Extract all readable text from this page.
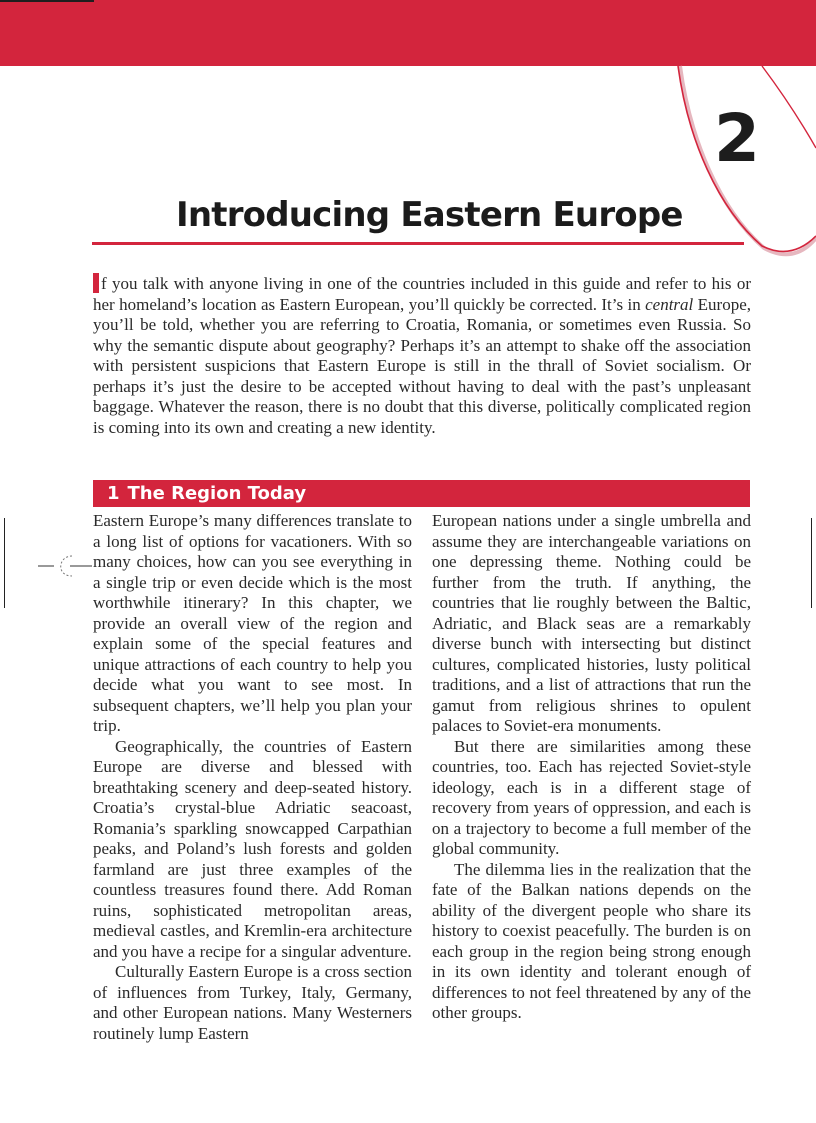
2
Introducing Eastern Europe

f you talk with anyone living in one of the countries included in this guide and refer to his or her homeland’s location as Eastern European, you’ll quickly be corrected. It’s in central Europe, you’ll be told, whether you are referring to Croatia, Romania, or sometimes even Russia. So why the semantic dispute about geography? Perhaps it’s an attempt to shake off the association with persistent suspicions that Eastern Europe is still in the thrall of Soviet socialism. Or perhaps it’s just the desire to be accepted without having to deal with the past’s unpleasant baggage. Whatever the reason, there is no doubt that this diverse, politically complicated region is coming into its own and creating a new identity.

1 The Region Today

Eastern Europe’s many differences translate to a long list of options for vacationers. With so many choices, how can you see everything in a single trip or even decide which is the most worthwhile itinerary? In this chapter, we provide an overall view of the region and explain some of the special features and unique attractions of each country to help you decide what you want to see most. In subsequent chapters, we’ll help you plan your trip.

Geographically, the countries of Eastern Europe are diverse and blessed with breathtaking scenery and deep-seated history. Croatia’s crystal-blue Adriatic seacoast, Romania’s sparkling snowcapped Carpathian peaks, and Poland’s lush forests and golden farmland are just three examples of the countless treasures found there. Add Roman ruins, sophisticated metropolitan areas, medieval castles, and Kremlin-era architecture and you have a recipe for a singular adventure.

Culturally Eastern Europe is a cross section of influences from Turkey, Italy, Germany, and other European nations. Many Westerners routinely lump Eastern

European nations under a single umbrella and assume they are interchangeable variations on one depressing theme. Nothing could be further from the truth. If anything, the countries that lie roughly between the Baltic, Adriatic, and Black seas are a remarkably diverse bunch with intersecting but distinct cultures, complicated histories, lusty political traditions, and a list of attractions that run the gamut from religious shrines to opulent palaces to Soviet-era monuments.

But there are similarities among these countries, too. Each has rejected Soviet-style ideology, each is in a different stage of recovery from years of oppression, and each is on a trajectory to become a full member of the global community.

The dilemma lies in the realization that the fate of the Balkan nations depends on the ability of the divergent people who share its history to coexist peacefully. The burden is on each group in the region being strong enough in its own identity and tolerant enough of differences to not feel threatened by any of the other groups.
